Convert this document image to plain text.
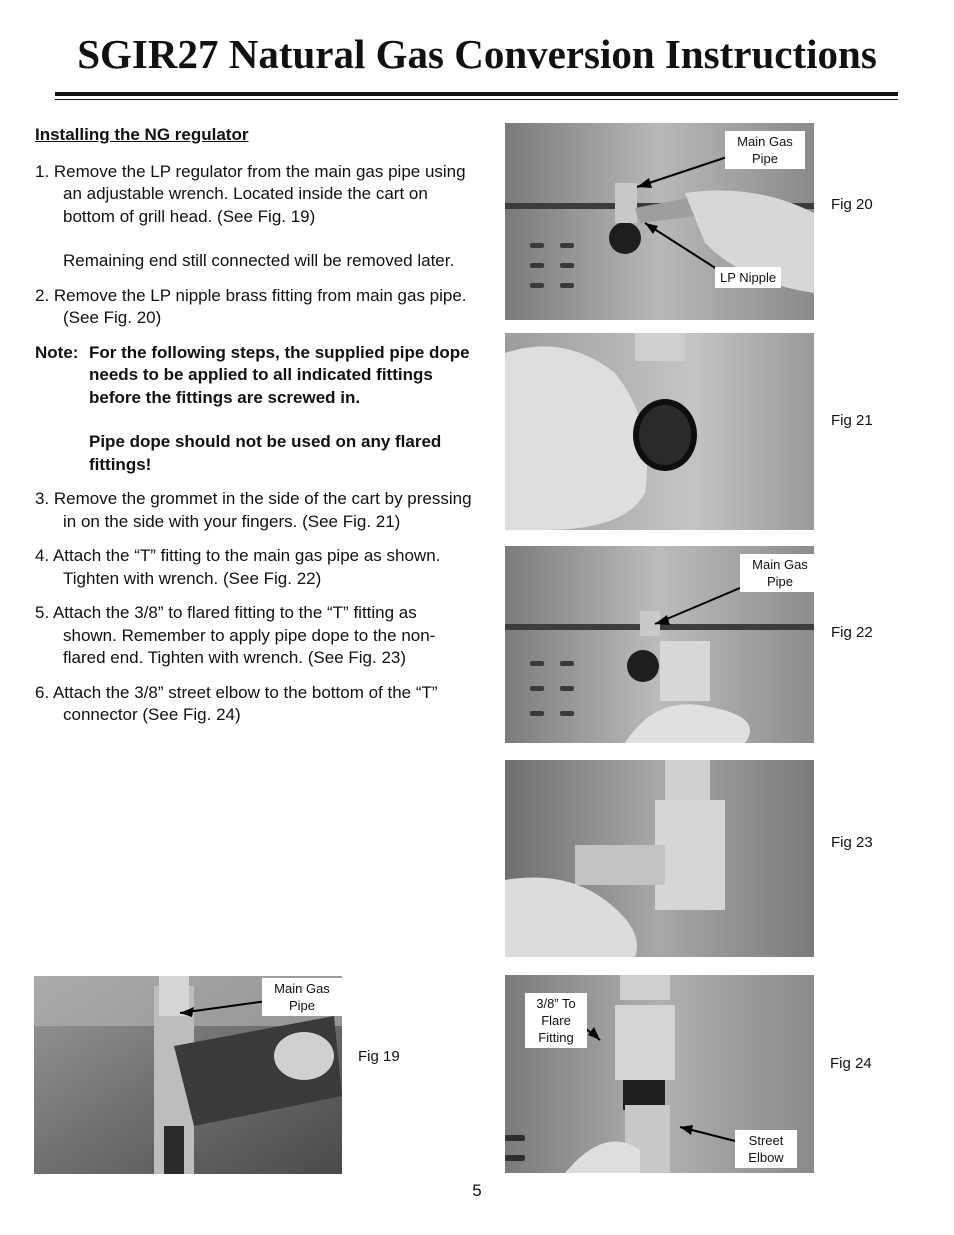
SGIR27 Natural Gas Conversion Instructions

Installing the NG regulator

1. Remove the LP regulator from the main gas pipe using an adjustable wrench. Located inside the cart on bottom of grill head. (See Fig. 19)
Remaining end still connected will be removed later.

2. Remove the LP nipple brass fitting from main gas pipe. (See Fig. 20)

Note: For the following steps, the supplied pipe dope needs to be applied to all indicated fittings before the fittings are screwed in.
Pipe dope should not be used on any flared fittings!

3. Remove the grommet in the side of the cart by pressing in on the side with your fingers. (See Fig. 21)

4. Attach the “T” fitting to the main gas pipe as shown. Tighten with wrench. (See Fig. 22)

5. Attach the 3/8” to flared fitting to the “T” fitting as shown. Remember to apply pipe dope to the non-flared end. Tighten with wrench. (See Fig. 23)

6. Attach the 3/8” street elbow to the bottom of the “T” connector (See Fig. 24)

Main Gas Pipe
Fig 19
Main Gas Pipe
LP Nipple
Fig 20
Fig 21
Main Gas Pipe
Fig 22
Fig 23
3/8” To Flare Fitting
Street Elbow
Fig 24
5
